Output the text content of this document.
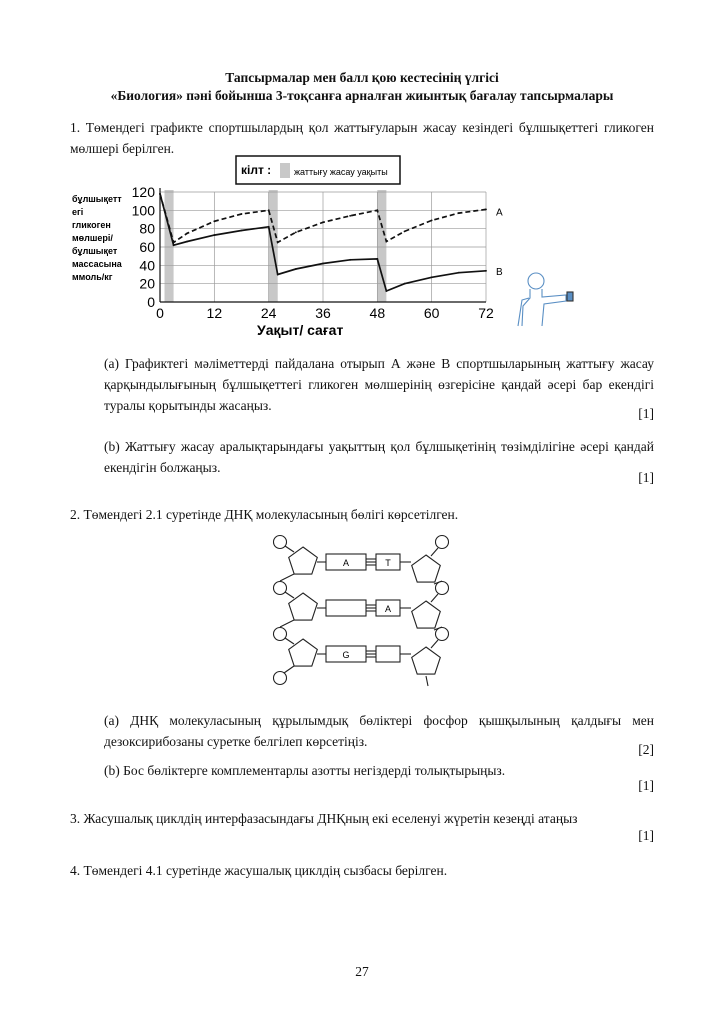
Тапсырмалар мен балл қою кестесінің үлгісі
«Биология» пәні бойынша 3-тоқсанға арналған жиынтық бағалау тапсырмалары
1. Төмендегі графикте спортшылардың қол жаттығуларын жасау кезіндегі бұлшықеттегі гликоген мөлшері берілген.
бұлшықетт
егі
гликоген
мөлшері/
бұлшықет
массасына
ммоль/кг
0
20
40
60
80
100
120
0	12	24	36	48	60	72
кілт :	жаттығу жасау уақыты
A
B
Уақыт/ сағат
(а) Графиктегі мәліметтерді пайдалана отырып А және В спортшыларының жаттығу жасау қарқындылығының бұлшықеттегі гликоген мөлшерінің өзгерісіне қандай әсері бар екендігі туралы қорытынды жасаңыз.
[1]
(b) Жаттығу жасау аралықтарындағы уақыттың қол бұлшықетінің төзімділігіне әсері қандай екендігін болжаңыз.
[1]
2. Төмендегі 2.1 суретінде ДНҚ молекуласының бөлігі көрсетілген.
A	T
A
G
(а) ДНҚ молекуласының құрылымдық бөліктері фосфор қышқылының қалдығы мен дезоксирибозаны суретке белгілеп көрсетіңіз.
[2]
(b) Бос бөліктерге комплементарлы азотты негіздерді толықтырыңыз.
[1]
3. Жасушалық циклдің интерфазасындағы ДНҚның екі еселенуі жүретін кезеңді атаңыз
[1]
4. Төмендегі 4.1 суретінде жасушалық циклдің сызбасы берілген.
27
